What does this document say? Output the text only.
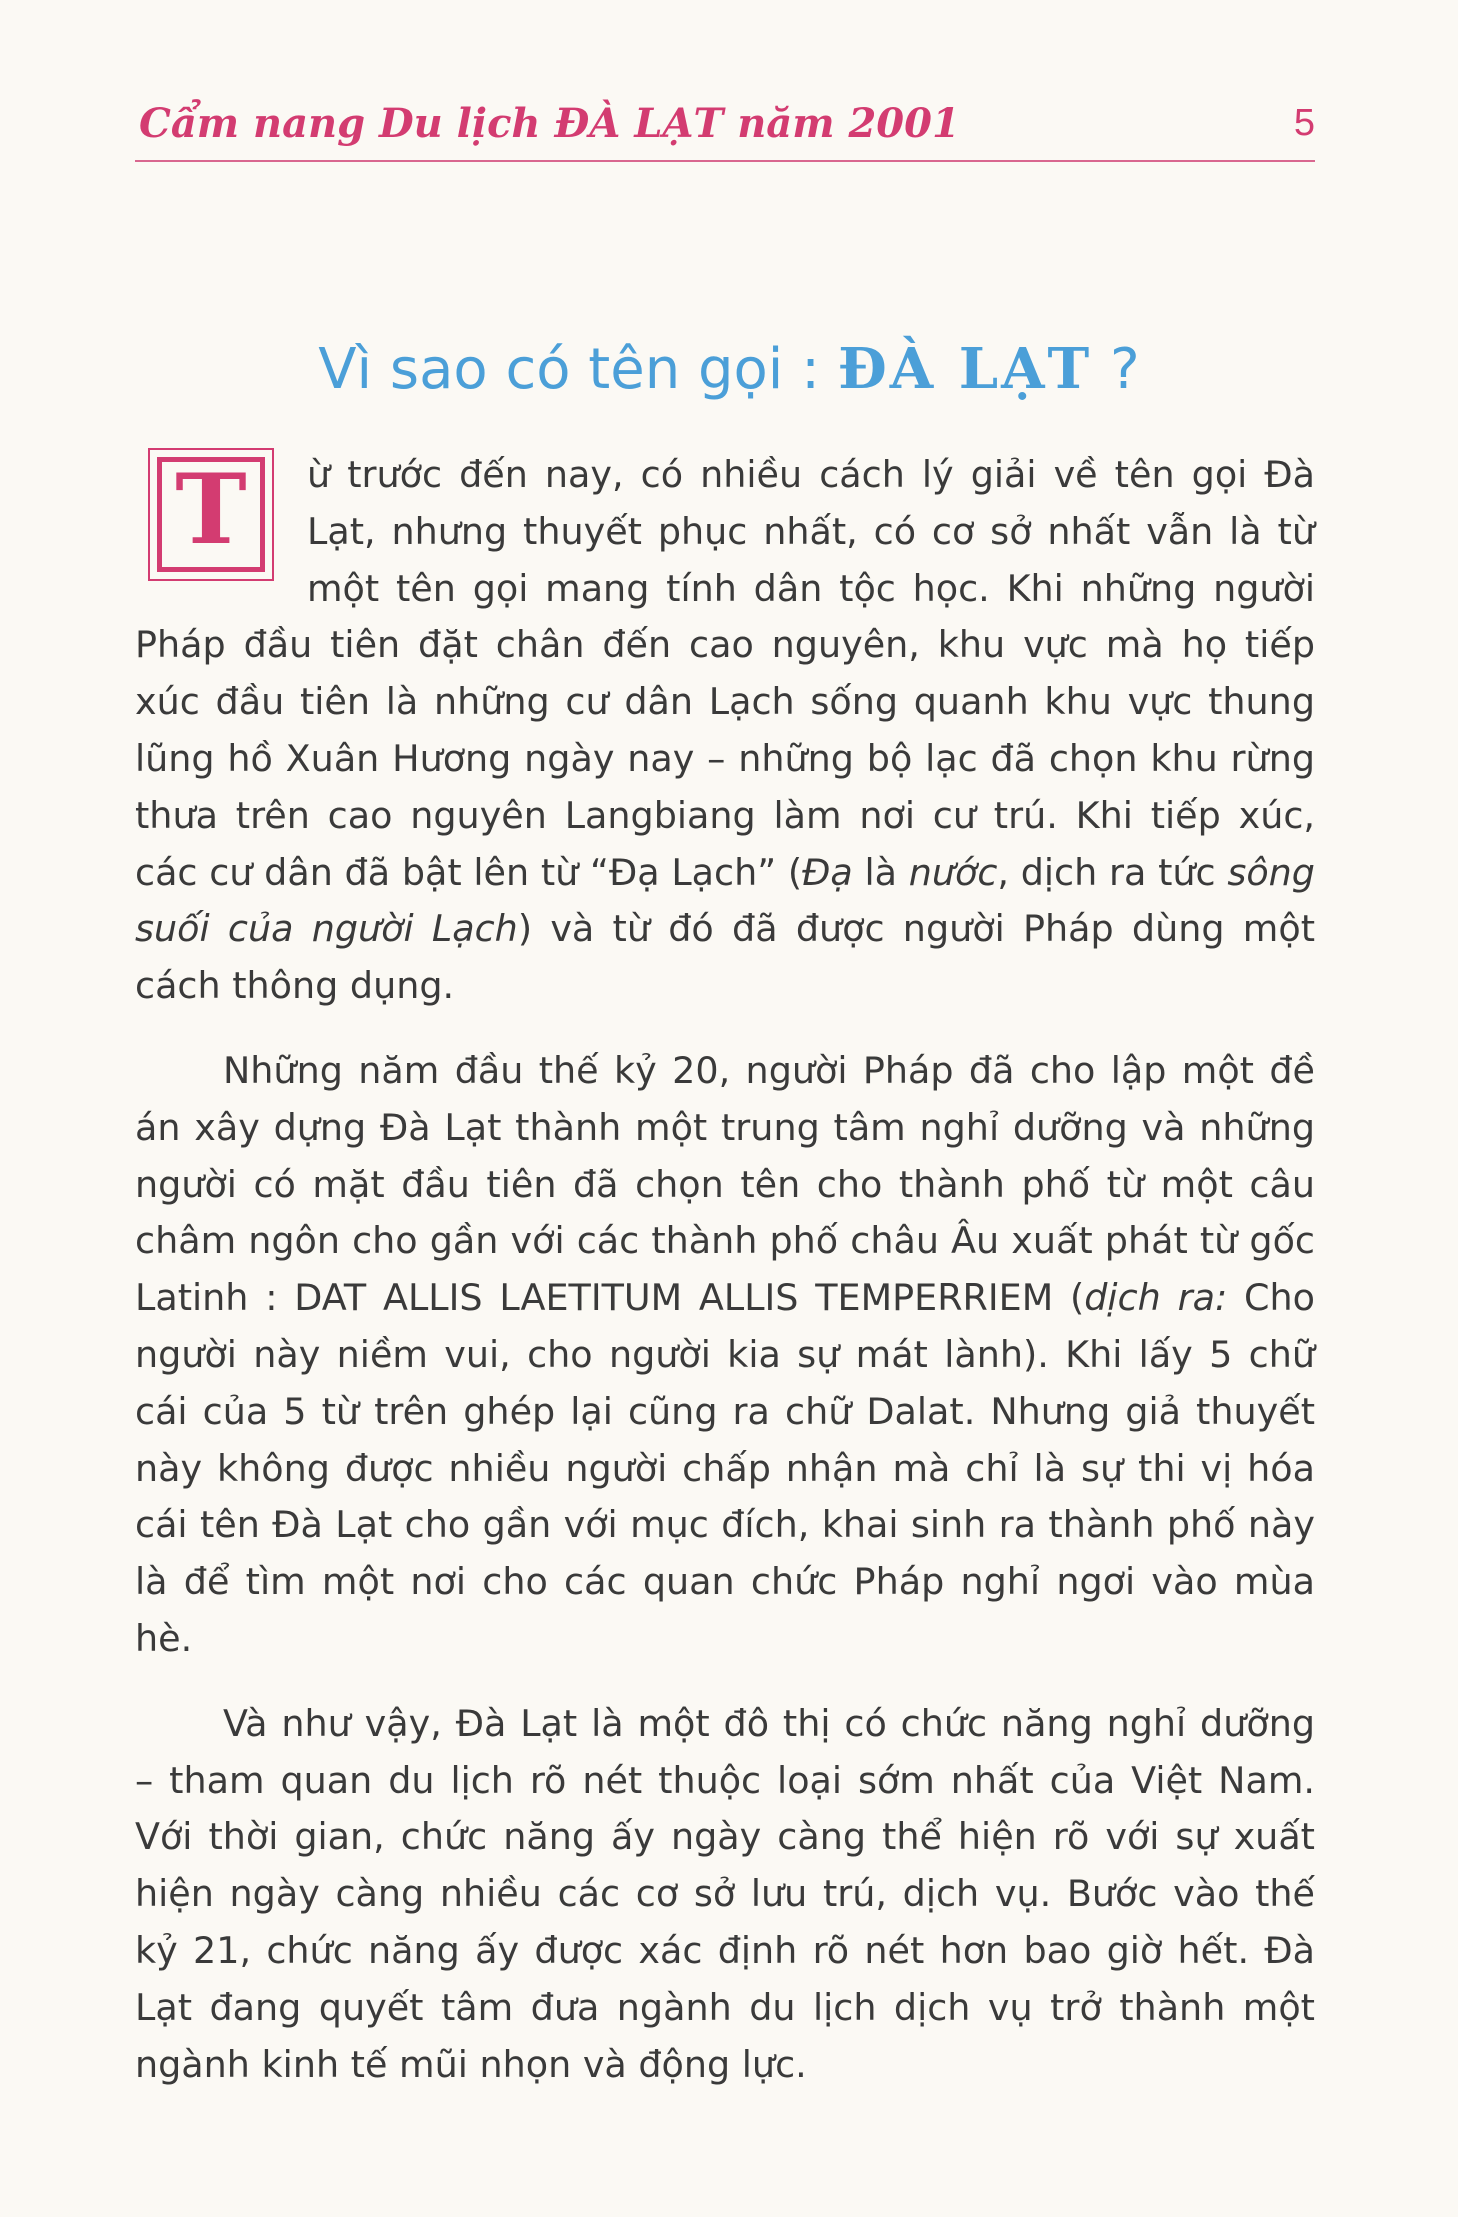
Cẩm nang Du lịch ĐÀ LẠT năm 2001	5
Vì sao có tên gọi : ĐÀ LẠT ?
T	ừ trước đến nay, có nhiều cách lý giải về tên gọi Đà Lạt, nhưng thuyết phục nhất, có cơ sở nhất vẫn là từ một tên gọi mang tính dân tộc học. Khi những người Pháp đầu tiên đặt chân đến cao nguyên, khu vực mà họ tiếp xúc đầu tiên là những cư dân Lạch sống quanh khu vực thung lũng hồ Xuân Hương ngày nay – những bộ lạc đã chọn khu rừng thưa trên cao nguyên Langbiang làm nơi cư trú. Khi tiếp xúc, các cư dân đã bật lên từ “Đạ Lạch” (Đạ là nước, dịch ra tức sông suối của người Lạch) và từ đó đã được người Pháp dùng một cách thông dụng.

Những năm đầu thế kỷ 20, người Pháp đã cho lập một đề án xây dựng Đà Lạt thành một trung tâm nghỉ dưỡng và những người có mặt đầu tiên đã chọn tên cho thành phố từ một câu châm ngôn cho gần với các thành phố châu Âu xuất phát từ gốc Latinh : DAT ALLIS LAETITUM ALLIS TEMPERRIEM (dịch ra: Cho người này niềm vui, cho người kia sự mát lành). Khi lấy 5 chữ cái của 5 từ trên ghép lại cũng ra chữ Dalat. Nhưng giả thuyết này không được nhiều người chấp nhận mà chỉ là sự thi vị hóa cái tên Đà Lạt cho gần với mục đích, khai sinh ra thành phố này là để tìm một nơi cho các quan chức Pháp nghỉ ngơi vào mùa hè.

Và như vậy, Đà Lạt là một đô thị có chức năng nghỉ dưỡng – tham quan du lịch rõ nét thuộc loại sớm nhất của Việt Nam. Với thời gian, chức năng ấy ngày càng thể hiện rõ với sự xuất hiện ngày càng nhiều các cơ sở lưu trú, dịch vụ. Bước vào thế kỷ 21, chức năng ấy được xác định rõ nét hơn bao giờ hết. Đà Lạt đang quyết tâm đưa ngành du lịch dịch vụ trở thành một ngành kinh tế mũi nhọn và động lực.
